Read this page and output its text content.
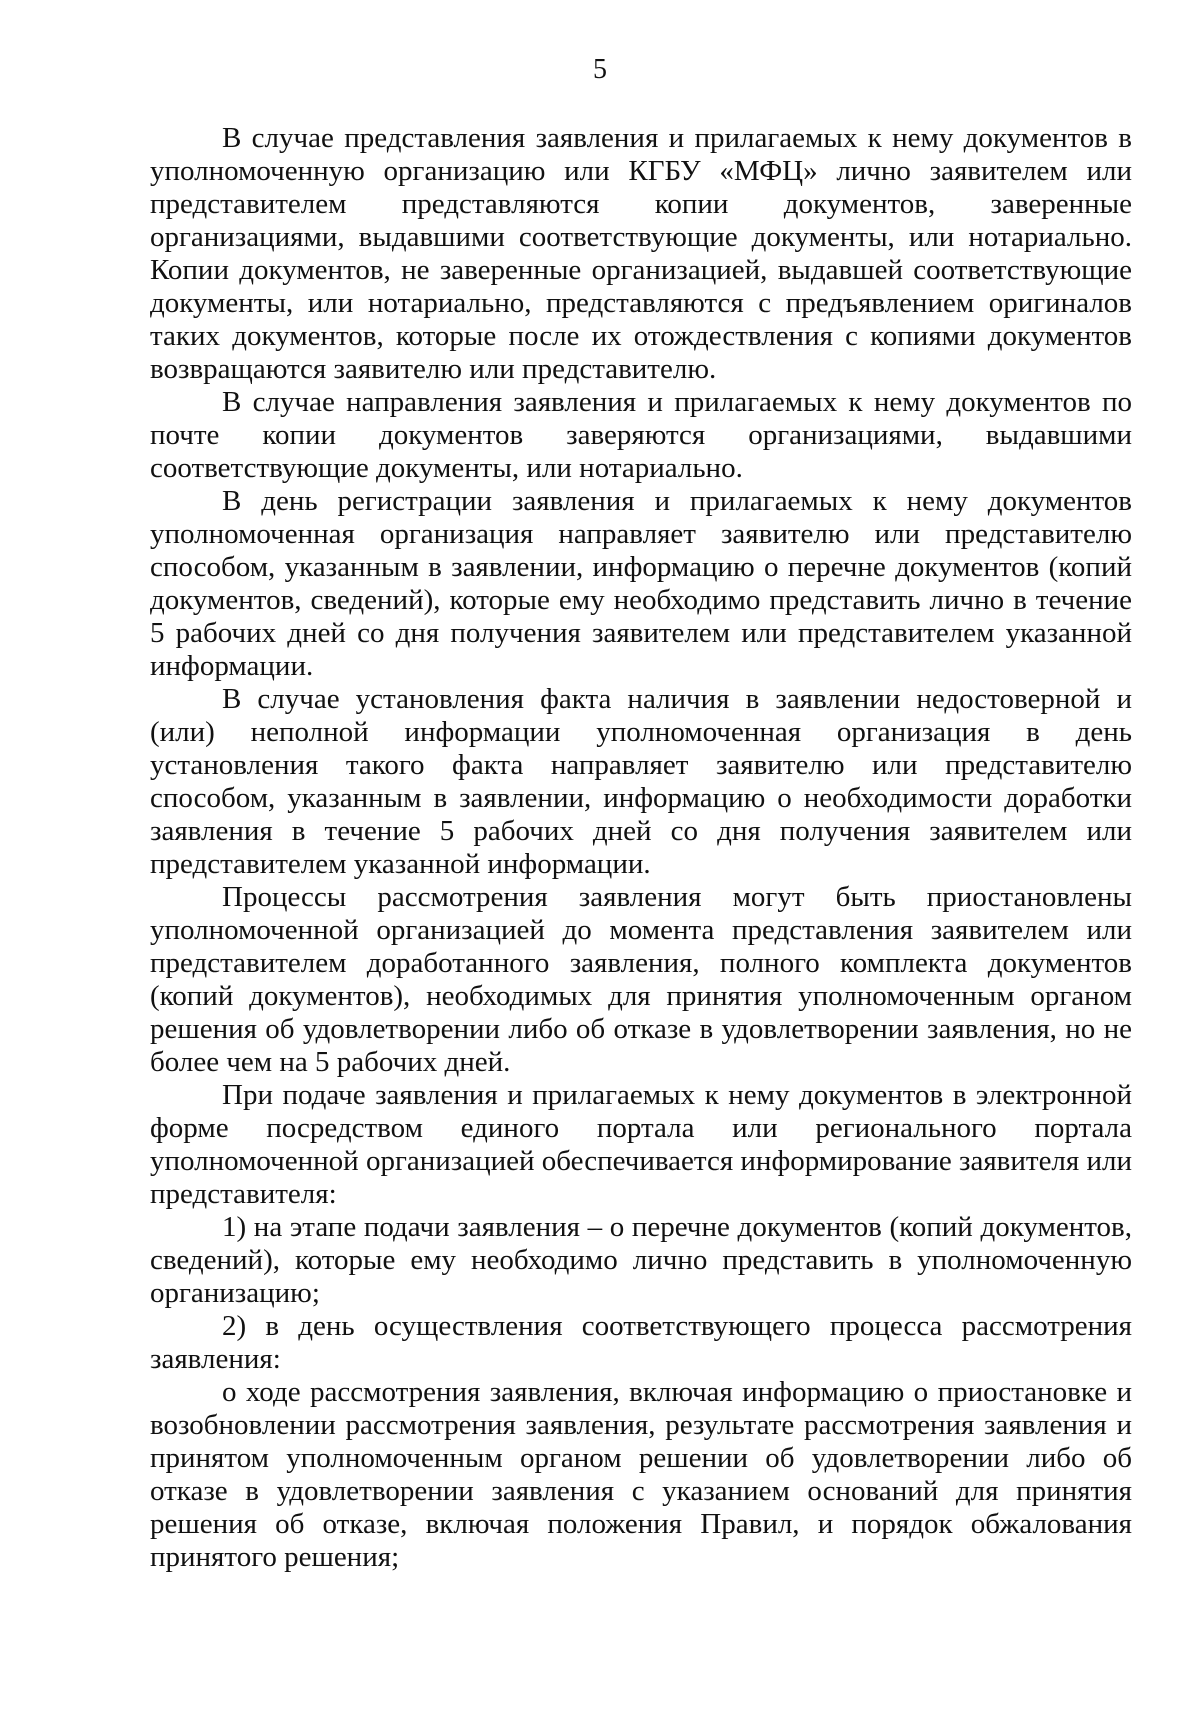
5

В случае представления заявления и прилагаемых к нему документов в уполномоченную организацию или КГБУ «МФЦ» лично заявителем или представителем представляются копии документов, заверенные организациями, выдавшими соответствующие документы, или нотариально. Копии документов, не заверенные организацией, выдавшей соответствующие документы, или нотариально, представляются с предъявлением оригиналов таких документов, которые после их отождествления с копиями документов возвращаются заявителю или представителю.

В случае направления заявления и прилагаемых к нему документов по почте копии документов заверяются организациями, выдавшими соответствующие документы, или нотариально.

В день регистрации заявления и прилагаемых к нему документов уполномоченная организация направляет заявителю или представителю способом, указанным в заявлении, информацию о перечне документов (копий документов, сведений), которые ему необходимо представить лично в течение 5 рабочих дней со дня получения заявителем или представителем указанной информации.

В случае установления факта наличия в заявлении недостоверной и (или) неполной информации уполномоченная организация в день установления такого факта направляет заявителю или представителю способом, указанным в заявлении, информацию о необходимости доработки заявления в течение 5 рабочих дней со дня получения заявителем или представителем указанной информации.

Процессы рассмотрения заявления могут быть приостановлены уполномоченной организацией до момента представления заявителем или представителем доработанного заявления, полного комплекта документов (копий документов), необходимых для принятия уполномоченным органом решения об удовлетворении либо об отказе в удовлетворении заявления, но не более чем на 5 рабочих дней.

При подаче заявления и прилагаемых к нему документов в электронной форме посредством единого портала или регионального портала уполномоченной организацией обеспечивается информирование заявителя или представителя:

1) на этапе подачи заявления – о перечне документов (копий документов, сведений), которые ему необходимо лично представить в уполномоченную организацию;

2) в день осуществления соответствующего процесса рассмотрения заявления:

о ходе рассмотрения заявления, включая информацию о приостановке и возобновлении рассмотрения заявления, результате рассмотрения заявления и принятом уполномоченным органом решении об удовлетворении либо об отказе в удовлетворении заявления с указанием оснований для принятия решения об отказе, включая положения Правил, и порядок обжалования принятого решения;
